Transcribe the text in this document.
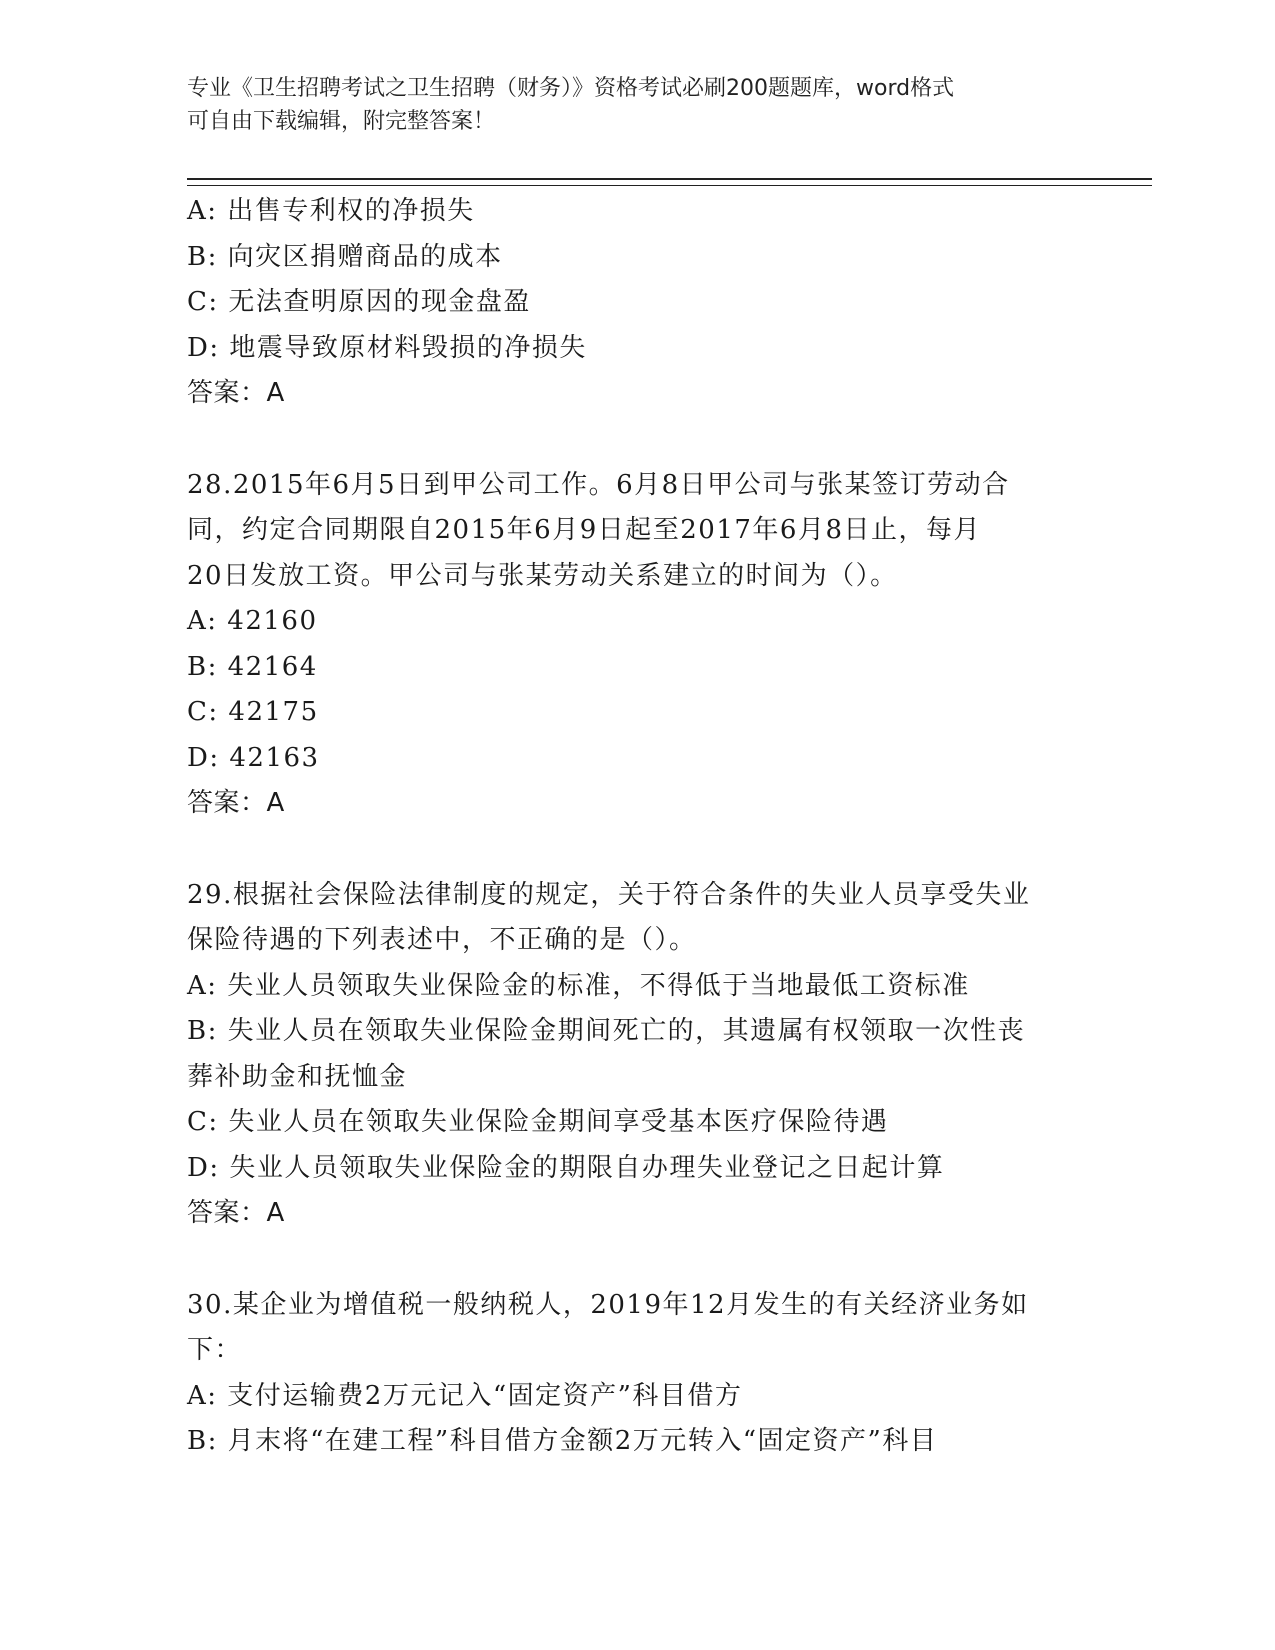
专业《卫生招聘考试之卫生招聘（财务）》资格考试必刷200题题库，word格式
可自由下载编辑，附完整答案！
A: 出售专利权的净损失
B: 向灾区捐赠商品的成本
C: 无法查明原因的现金盘盈
D: 地震导致原材料毁损的净损失
答案：A
28.2015年6月5日到甲公司工作。6月8日甲公司与张某签订劳动合
同，约定合同期限自2015年6月9日起至2017年6月8日止，每月
20日发放工资。甲公司与张某劳动关系建立的时间为（）。
A: 42160
B: 42164
C: 42175
D: 42163
答案：A
29.根据社会保险法律制度的规定，关于符合条件的失业人员享受失业
保险待遇的下列表述中，不正确的是（）。
A: 失业人员领取失业保险金的标准，不得低于当地最低工资标准
B: 失业人员在领取失业保险金期间死亡的，其遗属有权领取一次性丧
葬补助金和抚恤金
C: 失业人员在领取失业保险金期间享受基本医疗保险待遇
D: 失业人员领取失业保险金的期限自办理失业登记之日起计算
答案：A
30.某企业为增值税一般纳税人，2019年12月发生的有关经济业务如
下：
A: 支付运输费2万元记入“固定资产”科目借方
B: 月末将“在建工程”科目借方金额2万元转入“固定资产”科目
